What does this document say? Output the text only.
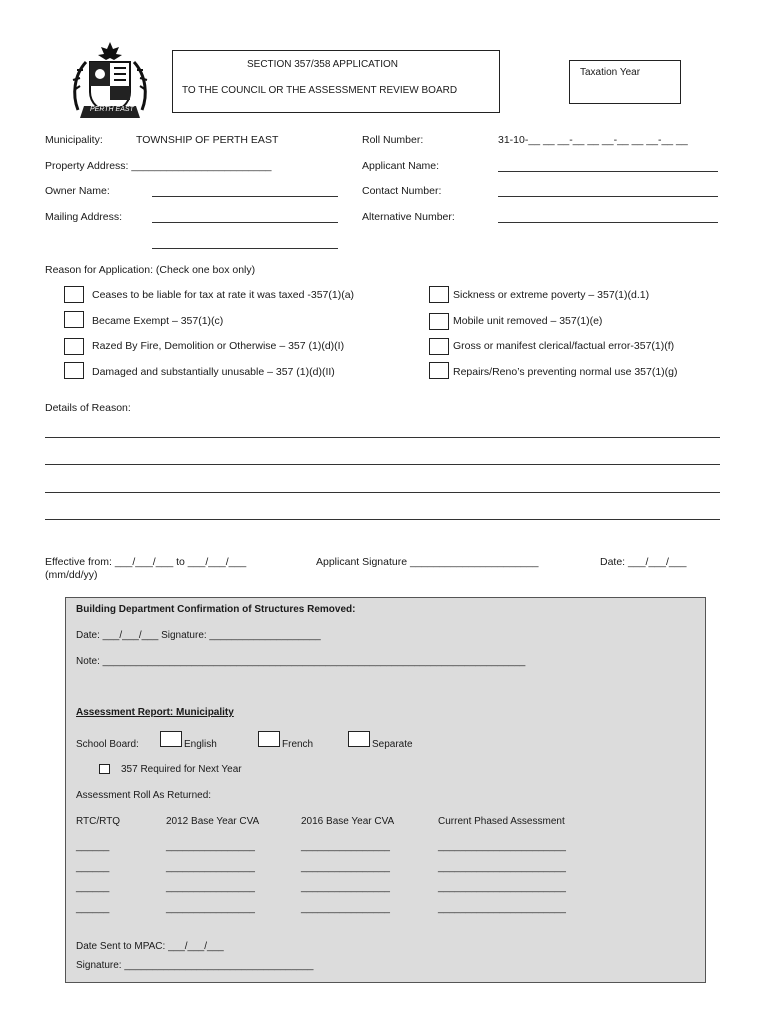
PERTH EAST
SECTION 357/358 APPLICATION
TO THE COUNCIL OR THE ASSESSMENT REVIEW BOARD
Taxation Year
Municipality:	TOWNSHIP OF PERTH EAST	Roll Number:	31-10-__ __ __-__ __ __-__ __ __-__ __
Property Address: ________________________	Applicant Name:
Owner Name:	Contact Number:
Mailing Address:	Alternative Number:
Reason for Application: (Check one box only)
Ceases to be liable for tax at rate it was taxed -357(1)(a)	Sickness or extreme poverty – 357(1)(d.1)
Became Exempt – 357(1)(c)	Mobile unit removed – 357(1)(e)
Razed By Fire, Demolition or Otherwise – 357 (1)(d)(I)	Gross or manifest clerical/factual error-357(1)(f)
Damaged and substantially unusable – 357 (1)(d)(II)	Repairs/Reno’s preventing normal use 357(1)(g)
Details of Reason:
Effective from: ___/___/___ to ___/___/___	Applicant Signature ______________________	Date: ___/___/___
(mm/dd/yy)
Building Department Confirmation of Structures Removed:
Date: ___/___/___ Signature: ____________________
Note: ____________________________________________________________________________
Assessment Report: Municipality
School Board:	English	French	Separate
357 Required for Next Year
Assessment Roll As Returned:
RTC/RTQ	2012 Base Year CVA	2016 Base Year CVA	Current Phased Assessment
______	________________	________________	_______________________
______	________________	________________	_______________________
______	________________	________________	_______________________
______	________________	________________	_______________________
Date Sent to MPAC: ___/___/___
Signature: __________________________________
